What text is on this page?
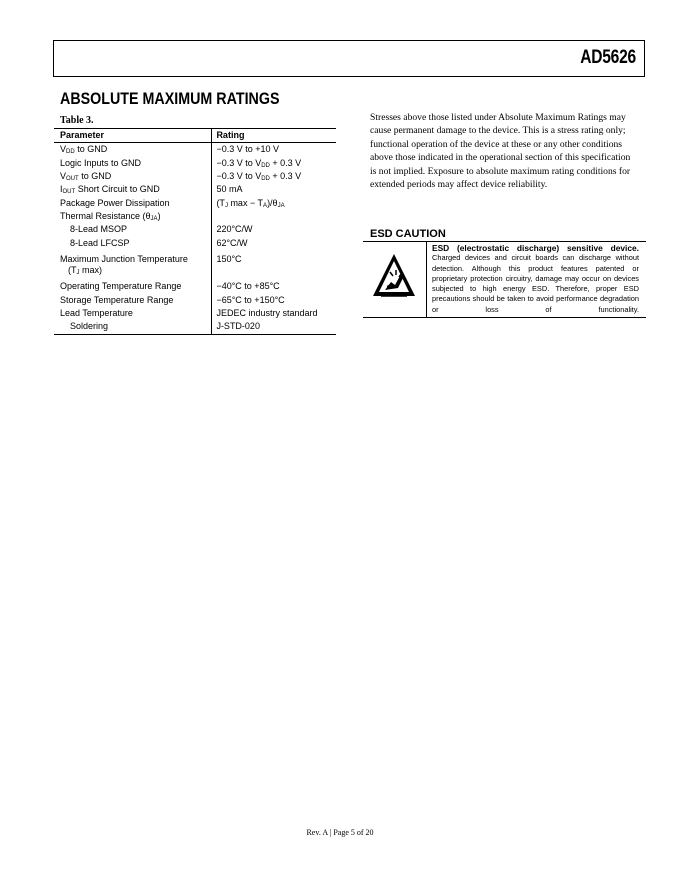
AD5626
ABSOLUTE MAXIMUM RATINGS
Table 3.
Parameter	Rating
$V_{DD}$ to GND	−0.3 V to +10 V
Logic Inputs to GND	−0.3 V to $V_{DD} + 0.3$ V
$V_{OUT}$ to GND	−0.3 V to $V_{DD} + 0.3$ V
$I_{OUT}$ Short Circuit to GND	50 mA
Package Power Dissipation	($T_J$ $\max - T_A)/\theta_{JA}$
Thermal Resistance $(\theta_{JA})$	
8-Lead MSOP	220°C/W
8-Lead LFCSP	62°C/W
Maximum Junction Temperature
($T_J$ max)	150°C
Operating Temperature Range	−40°C to +85°C
Storage Temperature Range	−65°C to +150°C
Lead Temperature	JEDEC industry standard
Soldering	J-STD-020
Stresses above those listed under Absolute Maximum Ratings may cause permanent damage to the device. This is a stress rating only; functional operation of the device at these or any other conditions above those indicated in the operational section of this specification is not implied. Exposure to absolute maximum rating conditions for extended periods may affect device reliability.
ESD CAUTION
ESD (electrostatic discharge) sensitive device.
Charged devices and circuit boards can discharge without detection. Although this product features patented or proprietary protection circuitry, damage may occur on devices subjected to high energy ESD. Therefore, proper ESD precautions should be taken to avoid performance degradation or loss of functionality.
Rev. A | Page 5 of 20
